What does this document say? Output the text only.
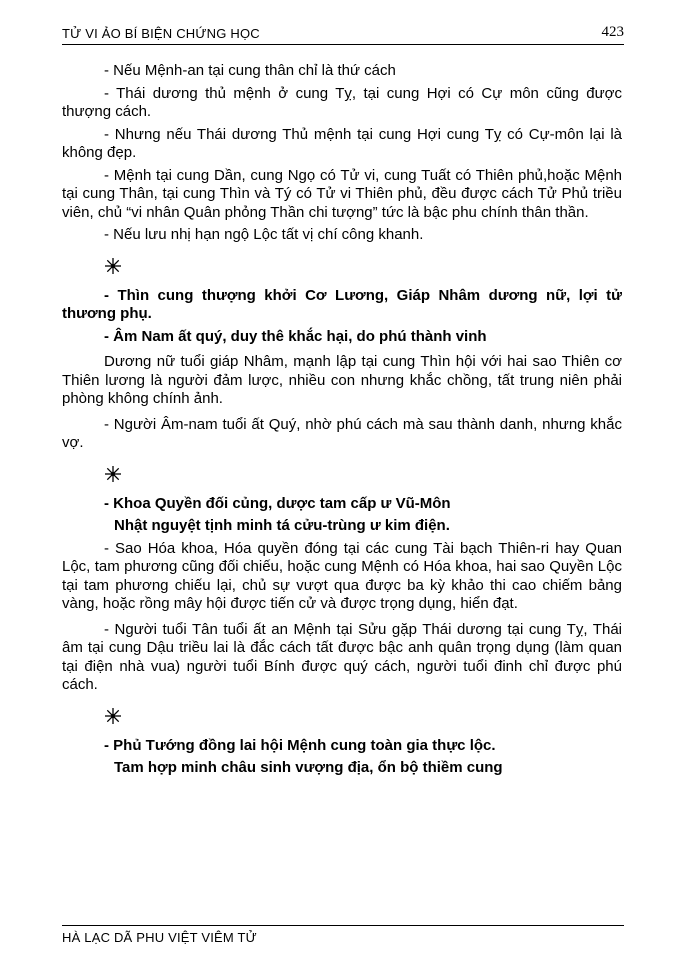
TỬ VI ẢO BÍ BIỆN CHỨNG HỌC	423

- Nếu Mệnh-an tại cung thân chỉ là thứ cách

- Thái dương thủ mệnh ở cung Tỵ, tại cung Hợi có Cự môn cũng được thượng cách.

- Nhưng nếu Thái dương Thủ mệnh tại cung Hợi cung Tỵ có Cự-môn lại là không đẹp.

- Mệnh tại cung Dần, cung Ngọ có Tử vi, cung Tuất có Thiên phủ,hoặc Mệnh tại cung Thân, tại cung Thìn và Tý có Tử vi Thiên phủ, đều được cách Tử Phủ triều viên, chủ “vi nhân Quân phỏng Thần chi tượng” tức là bậc phu chính thân thần.

- Nếu lưu nhị hạn ngộ Lộc tất vị chí công khanh.

- Thìn cung thượng khởi Cơ Lương, Giáp Nhâm dương nữ, lợi tử thương phụ.

- Âm Nam ất quý, duy thê khắc hại, do phú thành vinh

Dương nữ tuổi giáp Nhâm, mạnh lập tại cung Thìn hội với hai sao Thiên cơ Thiên lương là người đảm lược, nhiều con nhưng khắc chồng, tất trung niên phải phòng không chính ảnh.

- Người Âm-nam tuổi ất Quý, nhờ phú cách mà sau thành danh, nhưng khắc vợ.

- Khoa Quyền đối củng, dược tam cấp ư Vũ-Môn

Nhật nguyệt tịnh minh tá cửu-trùng ư kim điện.

- Sao Hóa khoa, Hóa quyền đóng tại các cung Tài bạch Thiên-ri hay Quan Lộc, tam phương cũng đối chiếu, hoặc cung Mệnh có Hóa khoa, hai sao Quyền Lộc tại tam phương chiếu lại, chủ sự vượt qua được ba kỳ khảo thi cao chiếm bảng vàng, hoặc rồng mây hội được tiến cử và được trọng dụng, hiển đạt.

- Người tuổi Tân tuổi ất an Mệnh tại Sửu gặp Thái dương tại cung Tỵ, Thái âm tại cung Dậu triều lai là đắc cách tất được bậc anh quân trọng dụng (làm quan tại điện nhà vua) người tuổi Bính được quý cách, người tuổi đinh chỉ được phú cách.

- Phủ Tướng đồng lai hội Mệnh cung toàn gia thực lộc.

Tam hợp minh châu sinh vượng địa, ổn bộ thiềm cung

HÀ LẠC DÃ PHU VIỆT VIÊM TỬ
